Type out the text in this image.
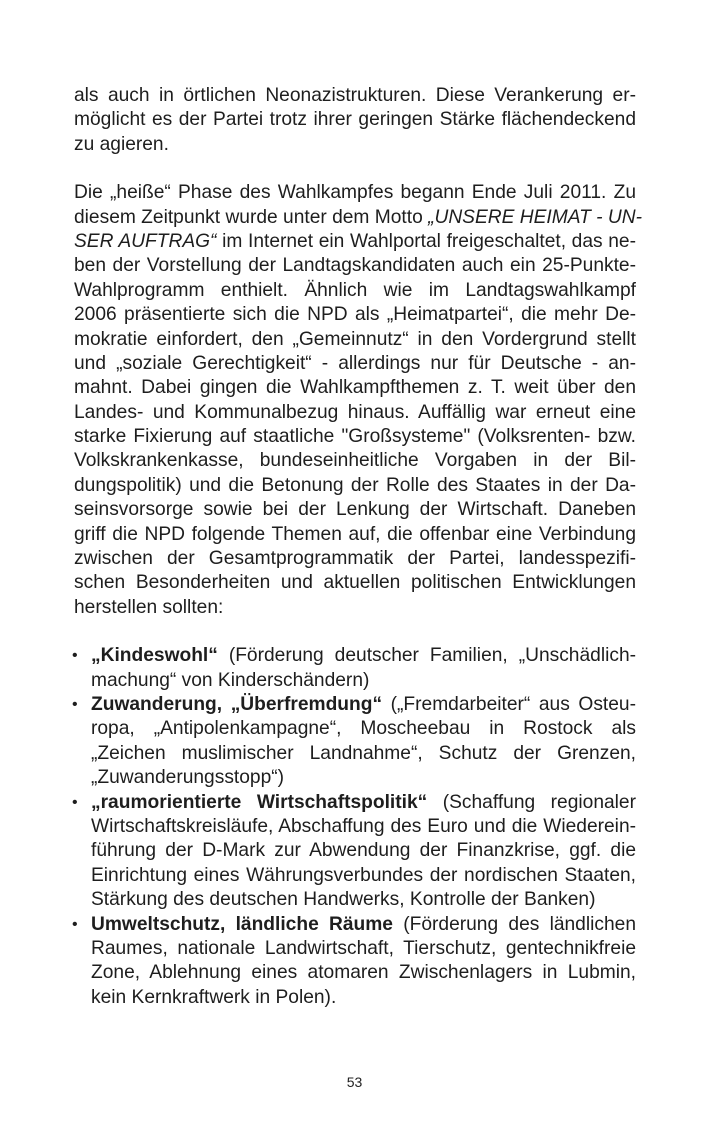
als auch in örtlichen Neonazistrukturen. Diese Verankerung er-
möglicht es der Partei trotz ihrer geringen Stärke flächendeckend
zu agieren.
Die „heiße“ Phase des Wahlkampfes begann Ende Juli 2011. Zu
diesem Zeitpunkt wurde unter dem Motto „UNSERE HEIMAT - UN-
SER AUFTRAG“ im Internet ein Wahlportal freigeschaltet, das ne-
ben der Vorstellung der Landtagskandidaten auch ein 25-Punkte-
Wahlprogramm enthielt. Ähnlich wie im Landtagswahlkampf
2006 präsentierte sich die NPD als „Heimatpartei“, die mehr De-
mokratie einfordert, den „Gemeinnutz“ in den Vordergrund stellt
und „soziale Gerechtigkeit“ - allerdings nur für Deutsche - an-
mahnt. Dabei gingen die Wahlkampfthemen z. T. weit über den
Landes- und Kommunalbezug hinaus. Auffällig war erneut eine
starke Fixierung auf staatliche "Großsysteme" (Volksrenten- bzw.
Volkskrankenkasse, bundeseinheitliche Vorgaben in der Bil-
dungspolitik) und die Betonung der Rolle des Staates in der Da-
seinsvorsorge sowie bei der Lenkung der Wirtschaft. Daneben
griff die NPD folgende Themen auf, die offenbar eine Verbindung
zwischen der Gesamtprogrammatik der Partei, landesspezifi-
schen Besonderheiten und aktuellen politischen Entwicklungen
herstellen sollten:
• „Kindeswohl“ (Förderung deutscher Familien, „Unschädlich-
machung“ von Kinderschändern)
• Zuwanderung, „Überfremdung“ („Fremdarbeiter“ aus Osteu-
ropa, „Antipolenkampagne“, Moscheebau in Rostock als
„Zeichen muslimischer Landnahme“, Schutz der Grenzen,
„Zuwanderungsstopp“)
• „raumorientierte Wirtschaftspolitik“ (Schaffung regionaler
Wirtschaftskreisläufe, Abschaffung des Euro und die Wiederein-
führung der D-Mark zur Abwendung der Finanzkrise, ggf. die
Einrichtung eines Währungsverbundes der nordischen Staaten,
Stärkung des deutschen Handwerks, Kontrolle der Banken)
• Umweltschutz, ländliche Räume (Förderung des ländlichen
Raumes, nationale Landwirtschaft, Tierschutz, gentechnikfreie
Zone, Ablehnung eines atomaren Zwischenlagers in Lubmin,
kein Kernkraftwerk in Polen).
53
